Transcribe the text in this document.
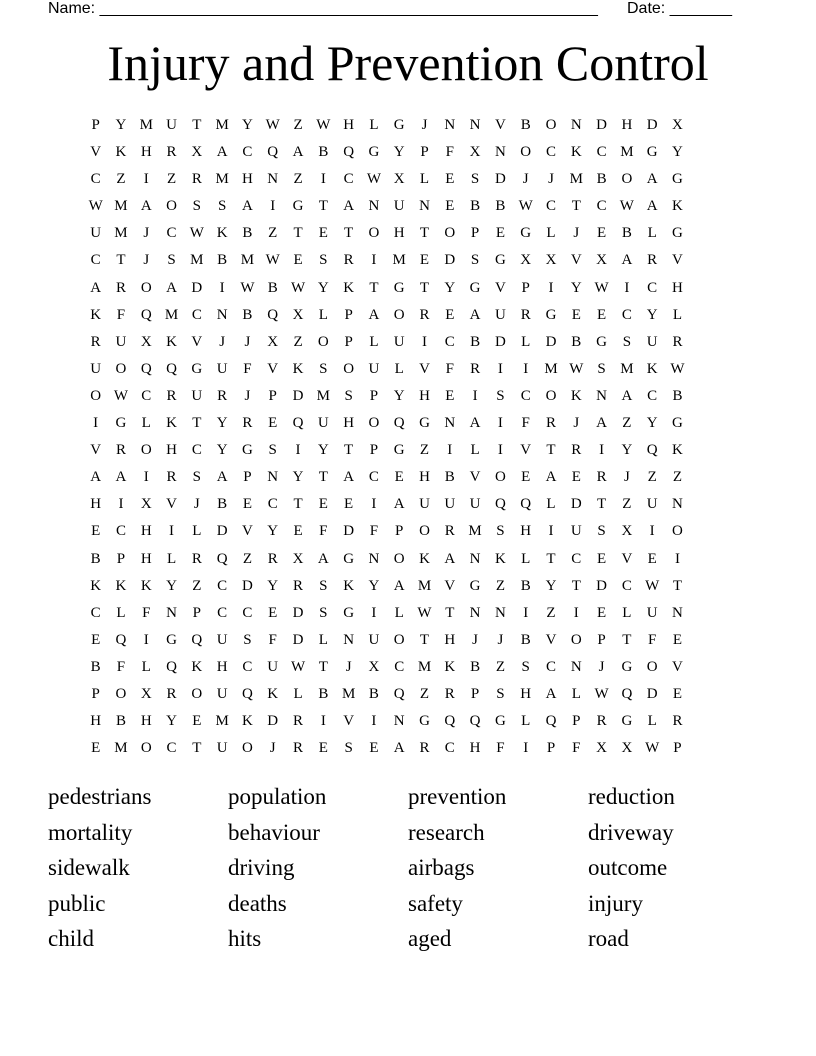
Name: ________________________________________________________ Date: _______
Injury and Prevention Control
P	Y M U	T M Y W Z W H	L	G	J	N N V B O N D H D X
V K H R X A C Q A B Q G Y	P	F	X N O C K C M G Y
C	Z	I	Z	R M H N	Z	I	C W X	L	E	S	D	J	J	M B O A G
W M A O	S	S	A	I	G	T	A N U N	E	B	B W C	T	C W A K
U M	J	C W K B	Z	T	E	T	O H	T	O	P	E	G	L	J	E	B	L	G
C	T	J	S M B M W E	S	R	I	M E	D	S	G X X V X A R V
A R O A D	I	W B W Y K	T	G	T	Y G V	P	I	Y W	I	C H
K	F	Q M C N B Q X	L	P	A O R	E	A U R G	E	E	C Y	L
R U X K V	J	J	X	Z	O	P	L	U	I	C	B D	L	D B G	S	U R
U O Q Q G U	F	V K	S	O U	L	V	F	R	I	I	M W S M K W
O W C	R U R	J	P	D M S	P	Y H	E	I	S	C O K N A C	B
I	G	L	K	T	Y R	E	Q U H O Q G N A	I	F	R	J	A	Z	Y G
V R O H C Y G	S	I	Y	T	P	G	Z	I	L	I	V	T	R	I	Y Q K
A A	I	R	S	A	P	N Y	T	A C	E	H B V O	E	A	E	R	J	Z	Z
H	I	X V	J	B	E	C	T	E	E	I	A U U U Q Q	L	D	T	Z	U N
E	C H	I	L	D V Y	E	F	D	F	P	O R M S	H	I	U	S	X	I	O
B	P	H	L	R Q	Z	R X A G N O K A N K	L	T	C	E	V	E	I
K K K Y	Z	C D Y R	S	K Y A M V G	Z	B Y	T	D C W T
C	L	F	N	P	C	C	E	D	S	G	I	L W T	N N	I	Z	I	E	L	U N
E	Q	I	G Q U	S	F	D	L	N U O	T	H	J	J	B V O	P	T	F	E
B	F	L	Q K H C U W T	J	X C M K B	Z	S	C N	J	G O V
P	O X R O U Q K	L	B M B Q	Z	R	P	S	H A	L W Q D	E
H B H Y	E M K D R	I	V	I	N G Q Q G	L	Q	P	R G	L	R
E M O C	T	U O	J	R	E	S	E	A R	C H	F	I	P	F	X X W P
pedestrians	population	prevention	reduction
mortality	behaviour	research	driveway
sidewalk	driving	airbags	outcome
public	deaths	safety	injury
child	hits	aged	road
